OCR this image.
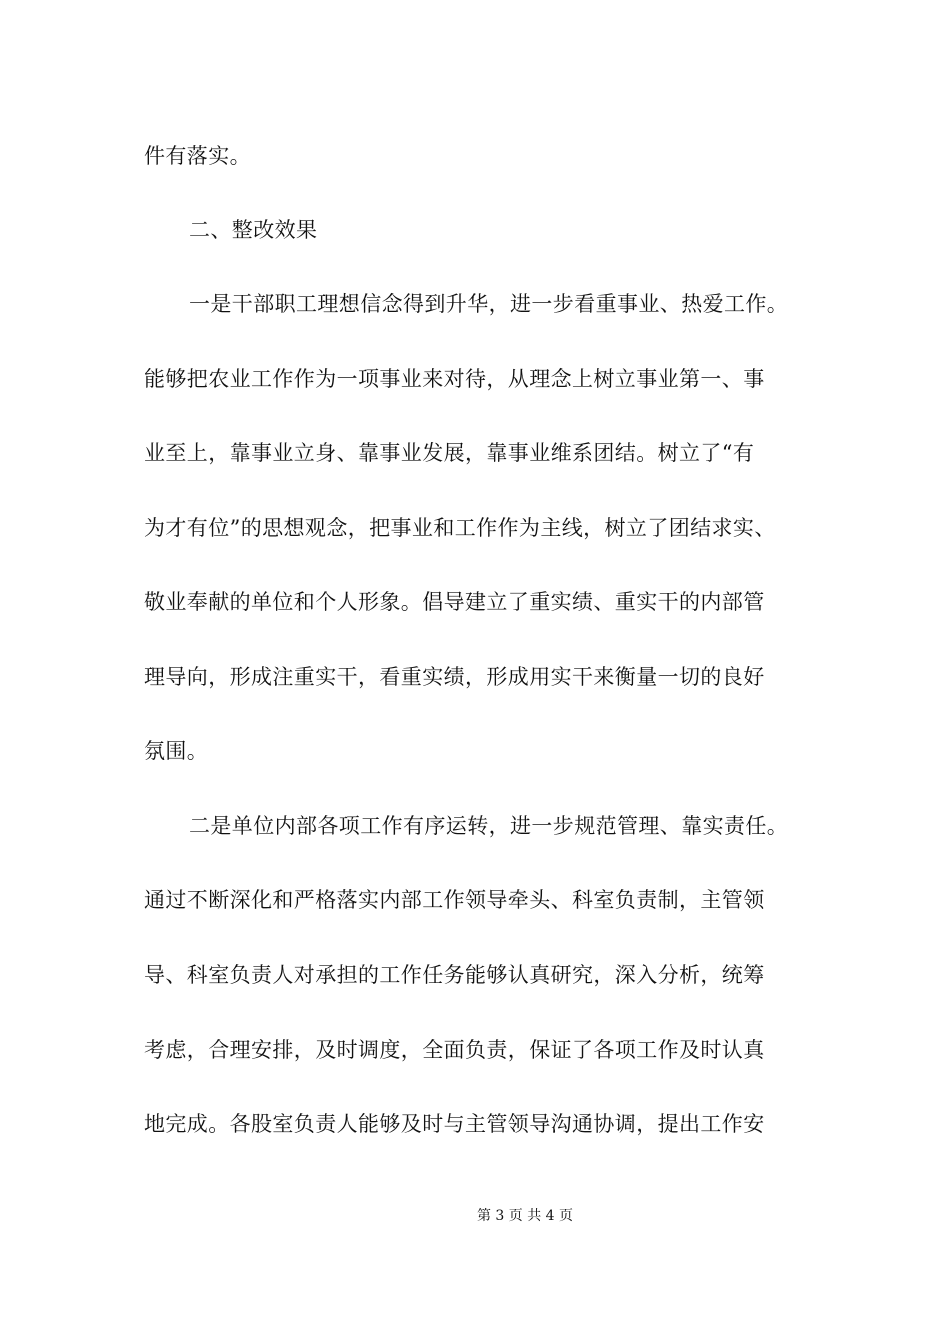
件有落实。
二、整改效果
一是干部职工理想信念得到升华，进一步看重事业、热爱工作。
能够把农业工作作为一项事业来对待，从理念上树立事业第一、事
业至上，靠事业立身、靠事业发展，靠事业维系团结。树立了“有
为才有位”的思想观念，把事业和工作作为主线，树立了团结求实、
敬业奉献的单位和个人形象。倡导建立了重实绩、重实干的内部管
理导向，形成注重实干，看重实绩，形成用实干来衡量一切的良好
氛围。
二是单位内部各项工作有序运转，进一步规范管理、靠实责任。
通过不断深化和严格落实内部工作领导牵头、科室负责制，主管领
导、科室负责人对承担的工作任务能够认真研究，深入分析，统筹
考虑，合理安排，及时调度，全面负责，保证了各项工作及时认真
地完成。各股室负责人能够及时与主管领导沟通协调，提出工作安
第 3 页 共 4 页
